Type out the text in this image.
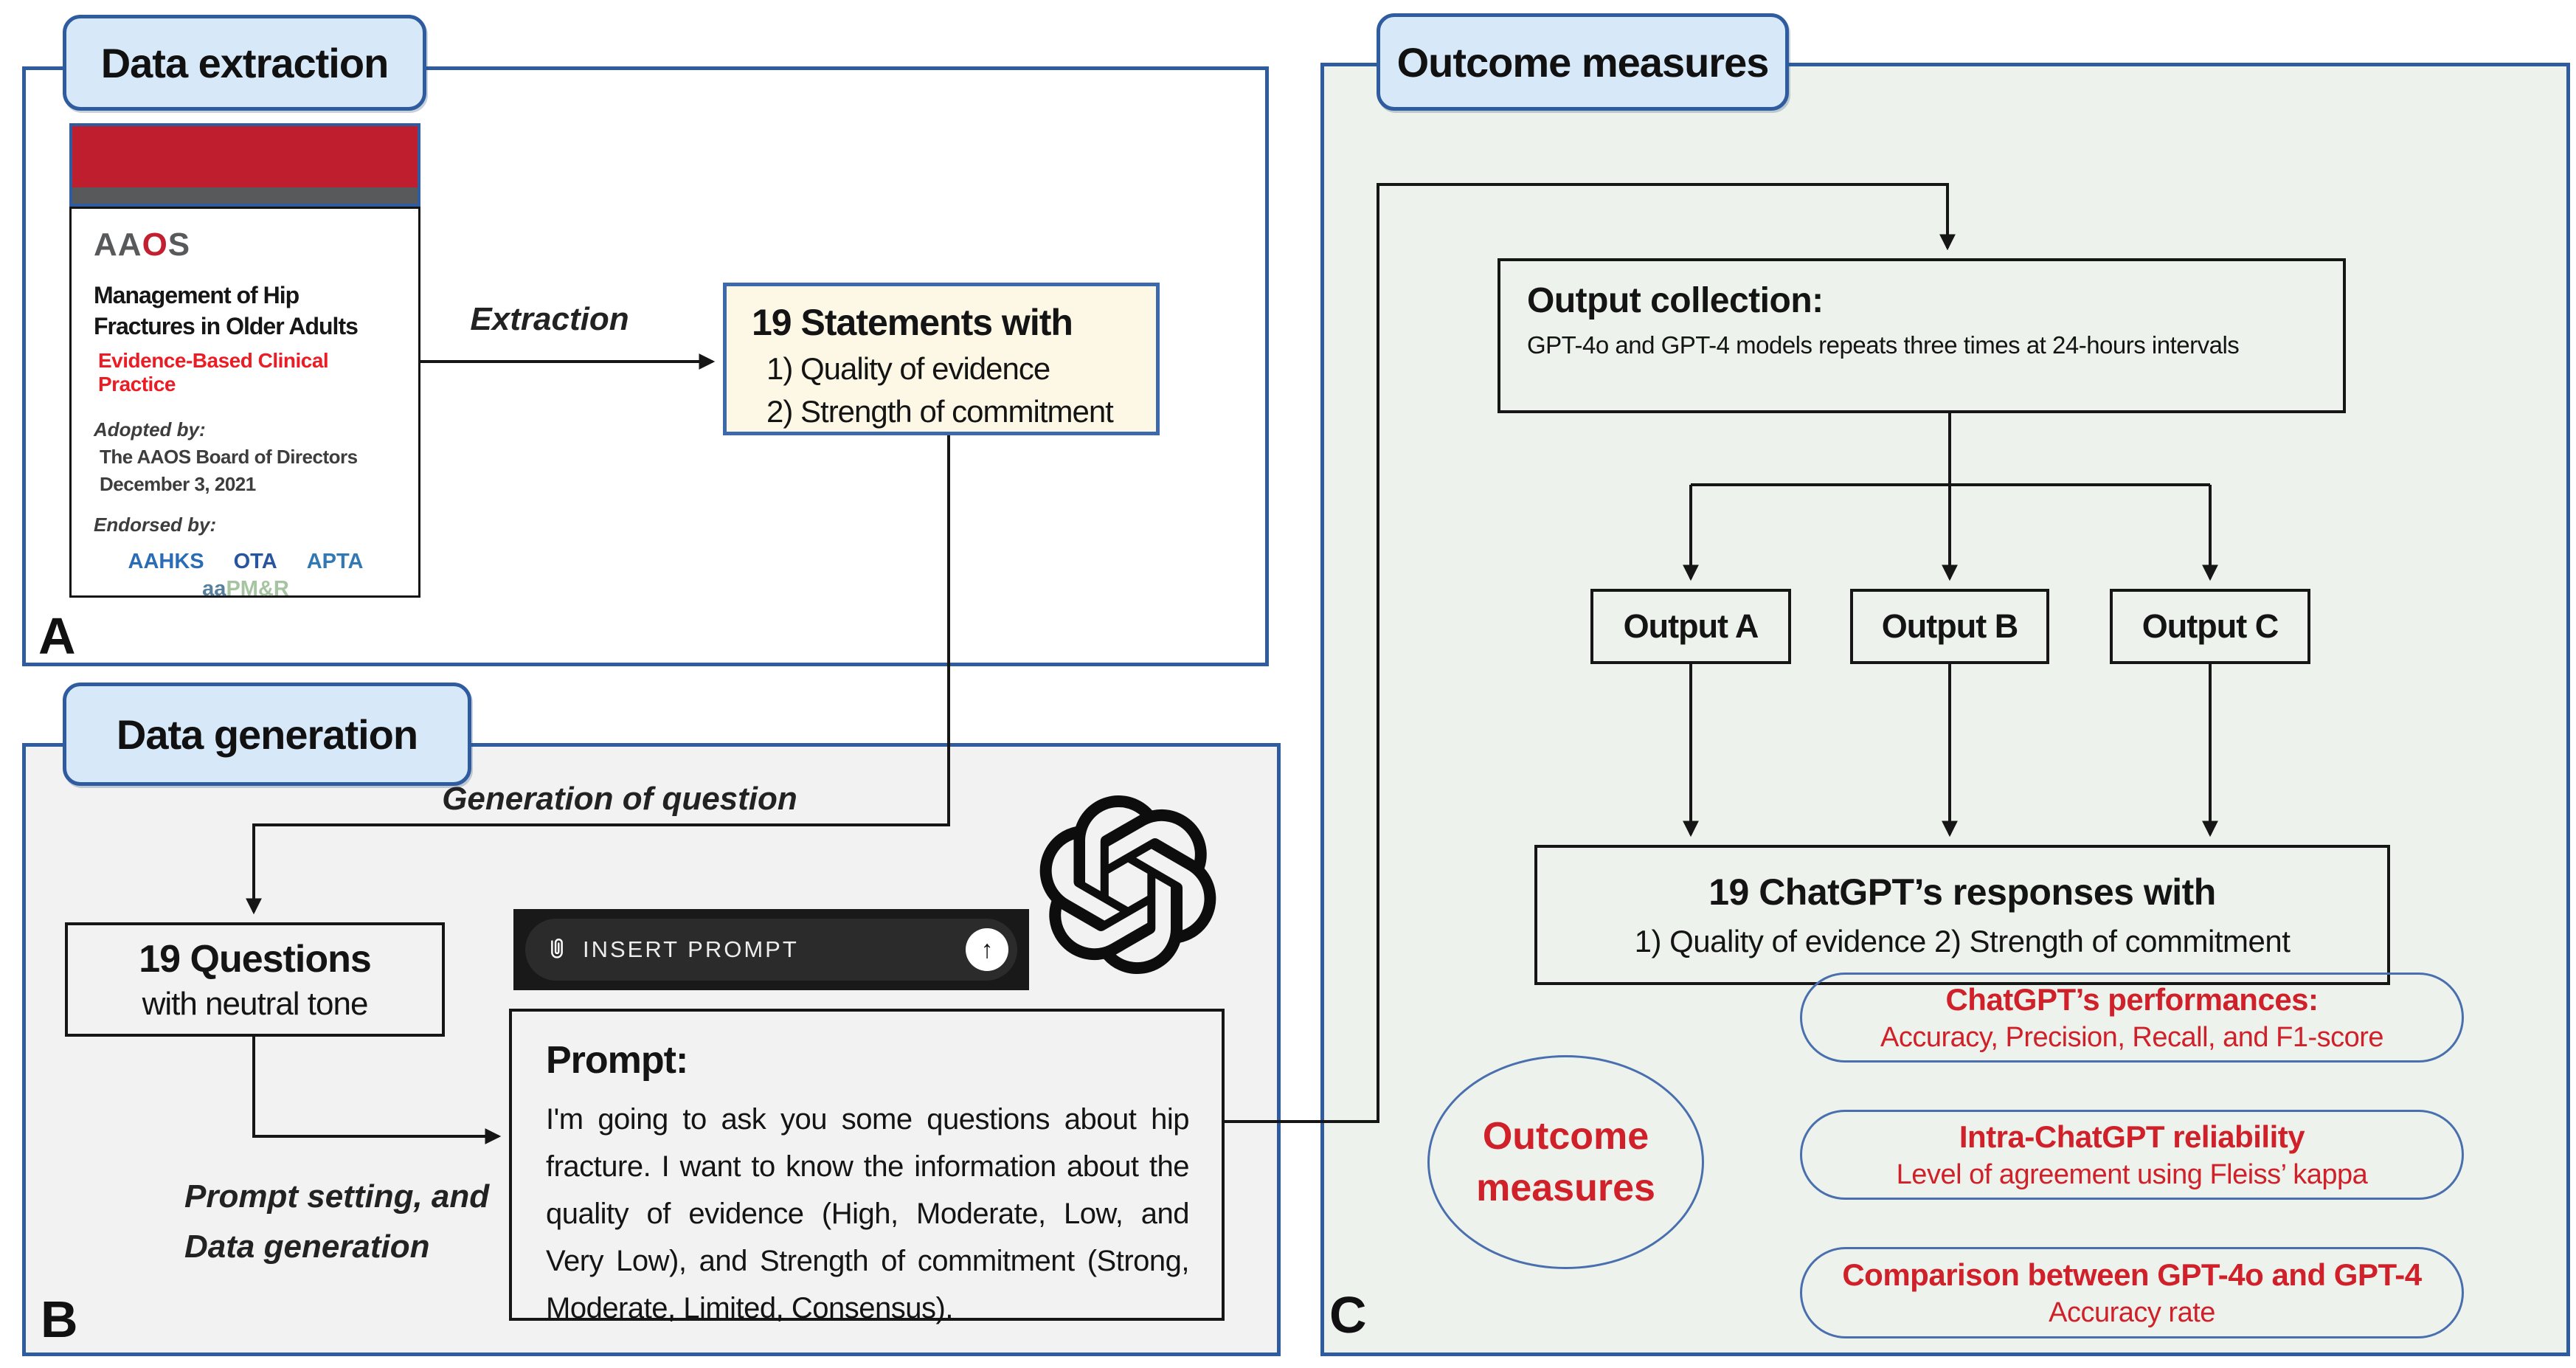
Data extraction
Data generation
Outcome measures
AAOS
Management of Hip
Fractures in Older Adults
Evidence-Based Clinical Practice
Adopted by:
The AAOS Board of Directors
December 3, 2021
Endorsed by:
AAHKS OTA APTA
aaPM&R
Extraction	19 Statements with
1) Quality of evidence
2) Strength of commitment
A
Generation of question
19 Questions
with neutral tone
Prompt setting, and
Data generation
INSERT PROMPT	↑
Prompt:
I'm going to ask you some questions about hip fracture. I want to know the information about the quality of evidence (High, Moderate, Low, and Very Low), and Strength of commitment (Strong, Moderate, Limited, Consensus).
B
Output collection:
GPT-4o and GPT-4 models repeats three times at 24-hours intervals
Output A	Output B	Output C
19 ChatGPT’s responses with
1) Quality of evidence 2) Strength of commitment
Outcome
measures
ChatGPT’s performances:
Accuracy, Precision, Recall, and F1-score
Intra-ChatGPT reliability
Level of agreement using Fleiss’ kappa
Comparison between GPT-4o and GPT-4
Accuracy rate
C
